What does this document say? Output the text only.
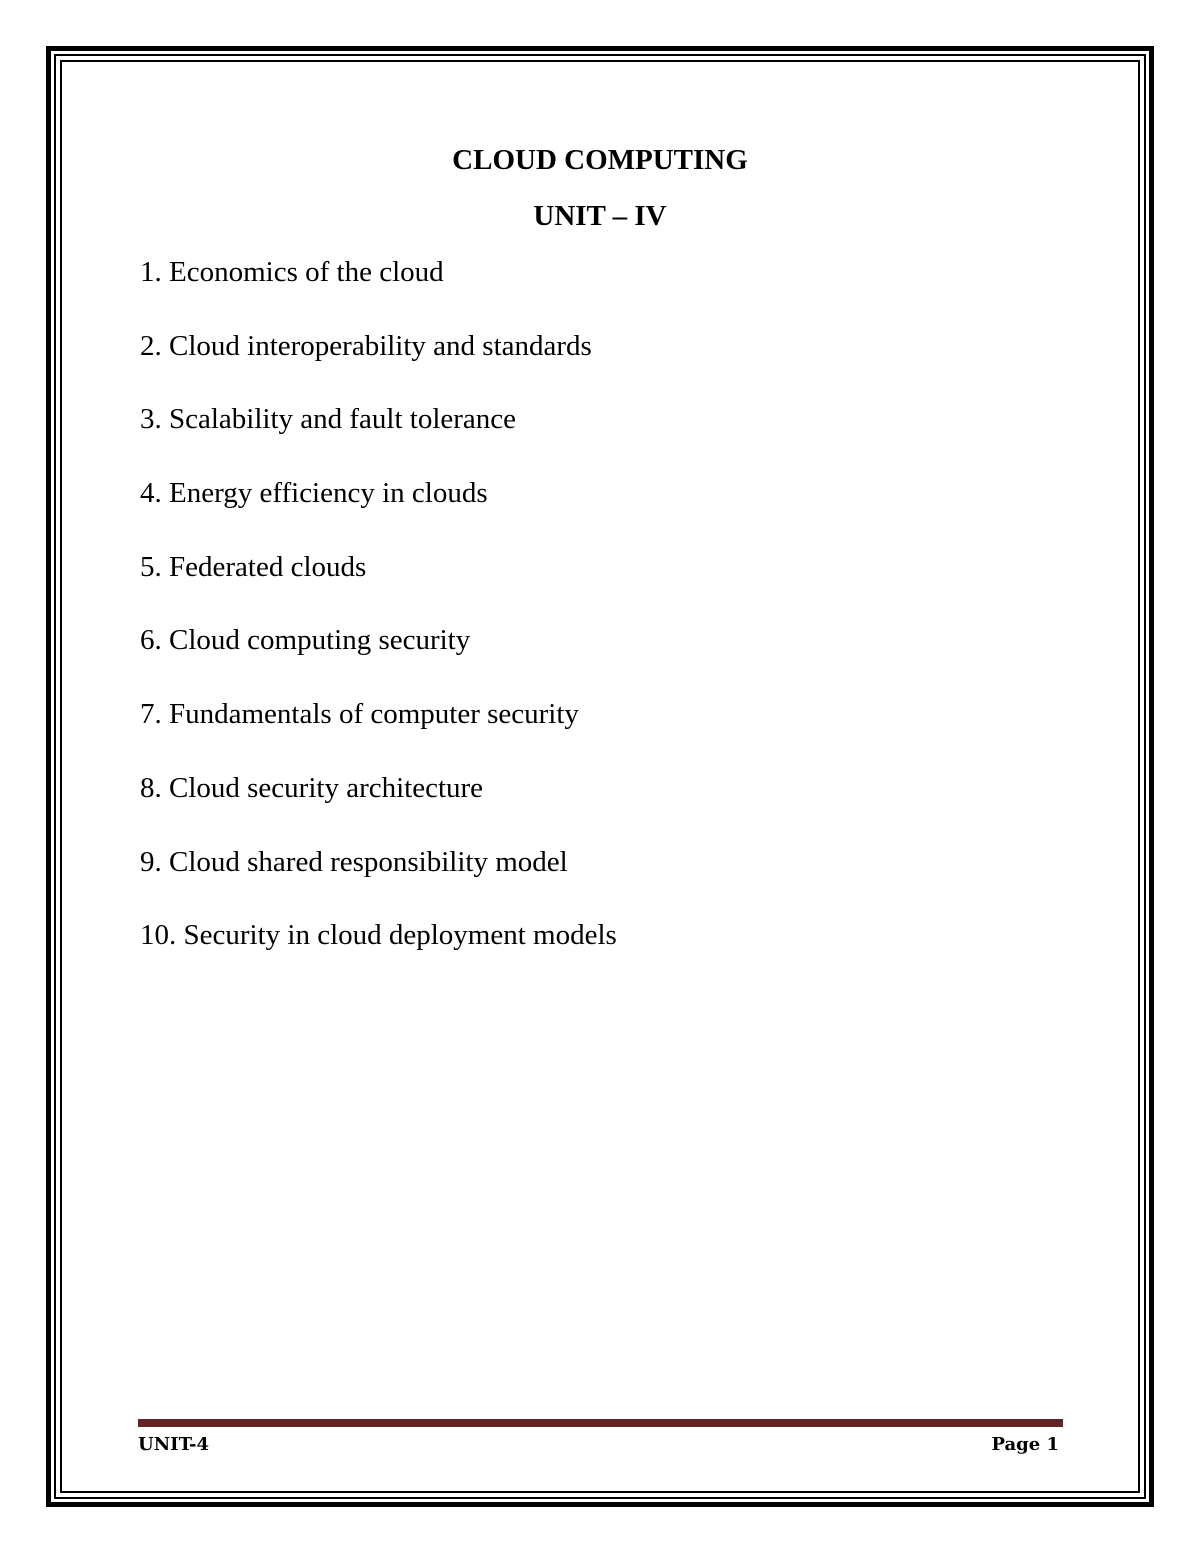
CLOUD COMPUTING
UNIT – IV
1. Economics of the cloud
2. Cloud interoperability and standards
3. Scalability and fault tolerance
4. Energy efficiency in clouds
5. Federated clouds
6. Cloud computing security
7. Fundamentals of computer security
8. Cloud security architecture
9. Cloud shared responsibility model
10. Security in cloud deployment models
UNIT-4	Page 1
